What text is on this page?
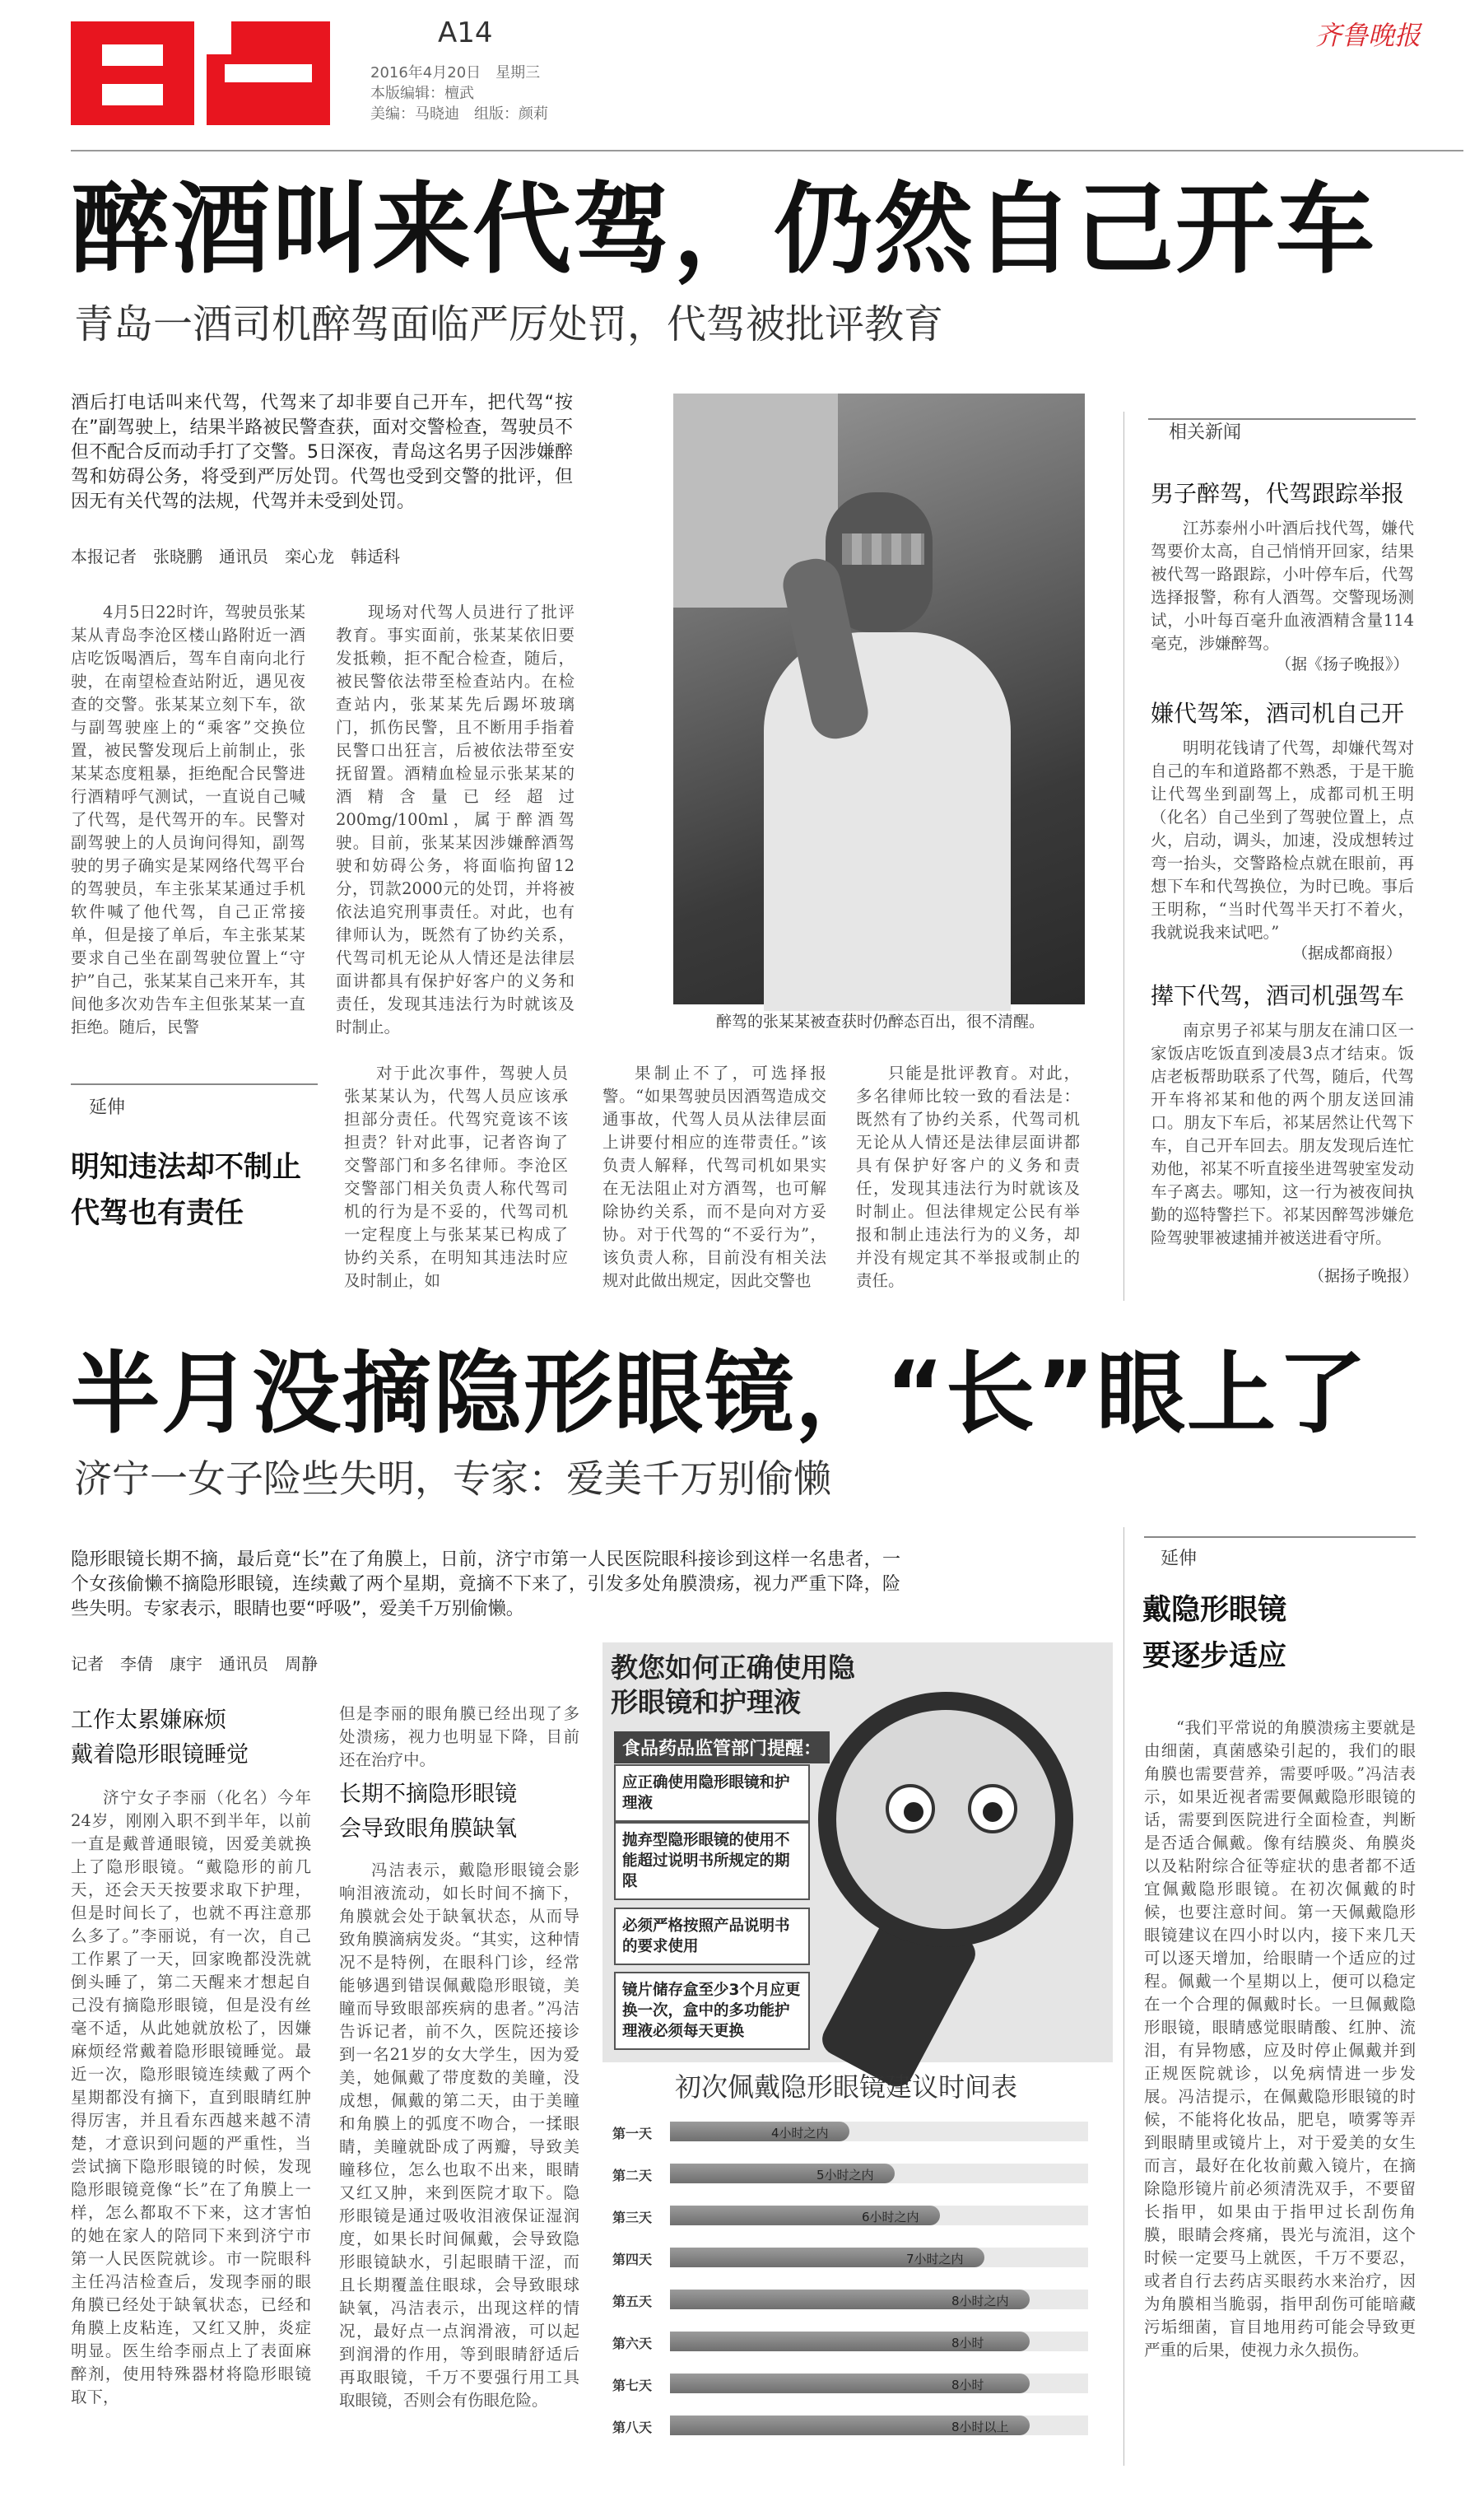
A14
2016年4月20日　星期三
本版编辑：檀武
美编：马晓迪　组版：颜莉
齐鲁晚报
醉酒叫来代驾，仍然自己开车
青岛一酒司机醉驾面临严厉处罚，代驾被批评教育
酒后打电话叫来代驾，代驾来了却非要自己开车，把代驾“按在”副驾驶上，结果半路被民警查获，面对交警检查，驾驶员不但不配合反而动手打了交警。5日深夜，青岛这名男子因涉嫌醉驾和妨碍公务，将受到严厉处罚。代驾也受到交警的批评，但因无有关代驾的法规，代驾并未受到处罚。
本报记者　张晓鹏　通讯员　栾心龙　韩适科

4月5日22时许，驾驶员张某某从青岛李沧区楼山路附近一酒店吃饭喝酒后，驾车自南向北行驶，在南望检查站附近，遇见夜查的交警。张某某立刻下车，欲与副驾驶座上的“乘客”交换位置，被民警发现后上前制止，张某某态度粗暴，拒绝配合民警进行酒精呼气测试，一直说自己喊了代驾，是代驾开的车。民警对副驾驶上的人员询问得知，副驾驶的男子确实是某网络代驾平台的驾驶员，车主张某某通过手机软件喊了他代驾，自己正常接单，但是接了单后，车主张某某要求自己坐在副驾驶位置上“守护”自己，张某某自己来开车，其间他多次劝告车主但张某某一直拒绝。随后，民警

现场对代驾人员进行了批评教育。事实面前，张某某依旧要发抵赖，拒不配合检查，随后，被民警依法带至检查站内。在检查站内，张某某先后踢坏玻璃门，抓伤民警，且不断用手指着民警口出狂言，后被依法带至安抚留置。酒精血检显示张某某的酒精含量已经超过200mg/100ml，属于醉酒驾驶。目前，张某某因涉嫌醉酒驾驶和妨碍公务，将面临拘留12分，罚款2000元的处罚，并将被依法追究刑事责任。对此，也有律师认为，既然有了协约关系，代驾司机无论从人情还是法律层面讲都具有保护好客户的义务和责任，发现其违法行为时就该及时制止。	醉驾的张某某被查获时仍醉态百出，很不清醒。

对于此次事件，驾驶人员张某某认为，代驾人员应该承担部分责任。代驾究竟该不该担责？针对此事，记者咨询了交警部门和多名律师。李沧区交警部门相关负责人称代驾司机的行为是不妥的，代驾司机一定程度上与张某某已构成了协约关系，在明知其违法时应及时制止，如

果制止不了，可选择报警。“如果驾驶员因酒驾造成交通事故，代驾人员从法律层面上讲要付相应的连带责任。”该负责人解释，代驾司机如果实在无法阻止对方酒驾，也可解除协约关系，而不是向对方妥协。对于代驾的“不妥行为”，该负责人称，目前没有相关法规对此做出规定，因此交警也

只能是批评教育。对此，多名律师比较一致的看法是：既然有了协约关系，代驾司机无论从人情还是法律层面讲都具有保护好客户的义务和责任，发现其违法行为时就该及时制止。但法律规定公民有举报和制止违法行为的义务，却并没有规定其不举报或制止的责任。

延伸
明知违法却不制止
代驾也有责任
相关新闻
男子醉驾，代驾跟踪举报

江苏泰州小叶酒后找代驾，嫌代驾要价太高，自己悄悄开回家，结果被代驾一路跟踪，小叶停车后，代驾选择报警，称有人酒驾。交警现场测试，小叶每百毫升血液酒精含量114毫克，涉嫌醉驾。

（据《扬子晚报》）
嫌代驾笨，酒司机自己开

明明花钱请了代驾，却嫌代驾对自己的车和道路都不熟悉，于是干脆让代驾坐到副驾上，成都司机王明（化名）自己坐到了驾驶位置上，点火，启动，调头，加速，没成想转过弯一抬头，交警路检点就在眼前，再想下车和代驾换位，为时已晚。事后王明称，“当时代驾半天打不着火，我就说我来试吧。”

（据成都商报）
撵下代驾，酒司机强驾车

南京男子祁某与朋友在浦口区一家饭店吃饭直到凌晨3点才结束。饭店老板帮助联系了代驾，随后，代驾开车将祁某和他的两个朋友送回浦口。朋友下车后，祁某居然让代驾下车，自己开车回去。朋友发现后连忙劝他，祁某不听直接坐进驾驶室发动车子离去。哪知，这一行为被夜间执勤的巡特警拦下。祁某因醉驾涉嫌危险驾驶罪被逮捕并被送进看守所。

（据扬子晚报）
半月没摘隐形眼镜，“长”眼上了
济宁一女子险些失明，专家：爱美千万别偷懒
隐形眼镜长期不摘，最后竟“长”在了角膜上，日前，济宁市第一人民医院眼科接诊到这样一名患者，一个女孩偷懒不摘隐形眼镜，连续戴了两个星期，竟摘不下来了，引发多处角膜溃疡，视力严重下降，险些失明。专家表示，眼睛也要“呼吸”，爱美千万别偷懒。
记者　李倩　康宇　通讯员　周静
工作太累嫌麻烦
戴着隐形眼镜睡觉

济宁女子李丽（化名）今年24岁，刚刚入职不到半年，以前一直是戴普通眼镜，因爱美就换上了隐形眼镜。“戴隐形的前几天，还会天天按要求取下护理，但是时间长了，也就不再注意那么多了。”李丽说，有一次，自己工作累了一天，回家晚都没洗就倒头睡了，第二天醒来才想起自己没有摘隐形眼镜，但是没有丝毫不适，从此她就放松了，因嫌麻烦经常戴着隐形眼镜睡觉。最近一次，隐形眼镜连续戴了两个星期都没有摘下，直到眼睛红肿得厉害，并且看东西越来越不清楚，才意识到问题的严重性，当尝试摘下隐形眼镜的时候，发现隐形眼镜竟像“长”在了角膜上一样，怎么都取不下来，这才害怕的她在家人的陪同下来到济宁市第一人民医院就诊。市一院眼科主任冯洁检查后，发现李丽的眼角膜已经处于缺氧状态，已经和角膜上皮粘连，又红又肿，炎症明显。医生给李丽点上了表面麻醉剂，使用特殊器材将隐形眼镜取下，

但是李丽的眼角膜已经出现了多处溃疡，视力也明显下降，目前还在治疗中。

长期不摘隐形眼镜
会导致眼角膜缺氧

冯洁表示，戴隐形眼镜会影响泪液流动，如长时间不摘下，角膜就会处于缺氧状态，从而导致角膜滴病发炎。“其实，这种情况不是特例，在眼科门诊，经常能够遇到错误佩戴隐形眼镜，美瞳而导致眼部疾病的患者。”冯洁告诉记者，前不久，医院还接诊到一名21岁的女大学生，因为爱美，她佩戴了带度数的美瞳，没成想，佩戴的第二天，由于美瞳和角膜上的弧度不吻合，一揉眼睛，美瞳就卧成了两瓣，导致美瞳移位，怎么也取不出来，眼睛又红又肿，来到医院才取下。隐形眼镜是通过吸收泪液保证湿润度，如果长时间佩戴，会导致隐形眼镜缺水，引起眼睛干涩，而且长期覆盖住眼球，会导致眼球缺氧，冯洁表示，出现这样的情况，最好点一点润滑液，可以起到润滑的作用，等到眼睛舒适后再取眼镜，千万不要强行用工具取眼镜，否则会有伤眼危险。

教您如何正确使用隐
形眼镜和护理液
食品药品监管部门提醒：
应正确使用隐形眼镜和护理液
抛弃型隐形眼镜的使用不能超过说明书所规定的期限
必须严格按照产品说明书的要求使用
镜片储存盒至少3个月应更换一次，盒中的多功能护理液必须每天更换
初次佩戴隐形眼镜建议时间表
第一天	4小时之内
第二天	5小时之内
第三天	6小时之内
第四天	7小时之内
第五天	8小时之内
第六天	8小时
第七天	8小时
第八天	8小时以上
延伸
戴隐形眼镜
要逐步适应

“我们平常说的角膜溃疡主要就是由细菌，真菌感染引起的，我们的眼角膜也需要营养，需要呼吸。”冯洁表示，如果近视者需要佩戴隐形眼镜的话，需要到医院进行全面检查，判断是否适合佩戴。像有结膜炎、角膜炎以及粘附综合征等症状的患者都不适宜佩戴隐形眼镜。在初次佩戴的时候，也要注意时间。第一天佩戴隐形眼镜建议在四小时以内，接下来几天可以逐天增加，给眼睛一个适应的过程。佩戴一个星期以上，便可以稳定在一个合理的佩戴时长。一旦佩戴隐形眼镜，眼睛感觉眼睛酸、红肿、流泪，有异物感，应及时停止佩戴并到正规医院就诊，以免病情进一步发展。冯洁提示，在佩戴隐形眼镜的时候，不能将化妆品，肥皂，喷雾等弄到眼睛里或镜片上，对于爱美的女生而言，最好在化妆前戴入镜片，在摘除隐形镜片前必须清洗双手，不要留长指甲，如果由于指甲过长刮伤角膜，眼睛会疼痛，畏光与流泪，这个时候一定要马上就医，千万不要忍，或者自行去药店买眼药水来治疗，因为角膜相当脆弱，指甲刮伤可能暗藏污垢细菌，盲目地用药可能会导致更严重的后果，使视力永久损伤。
